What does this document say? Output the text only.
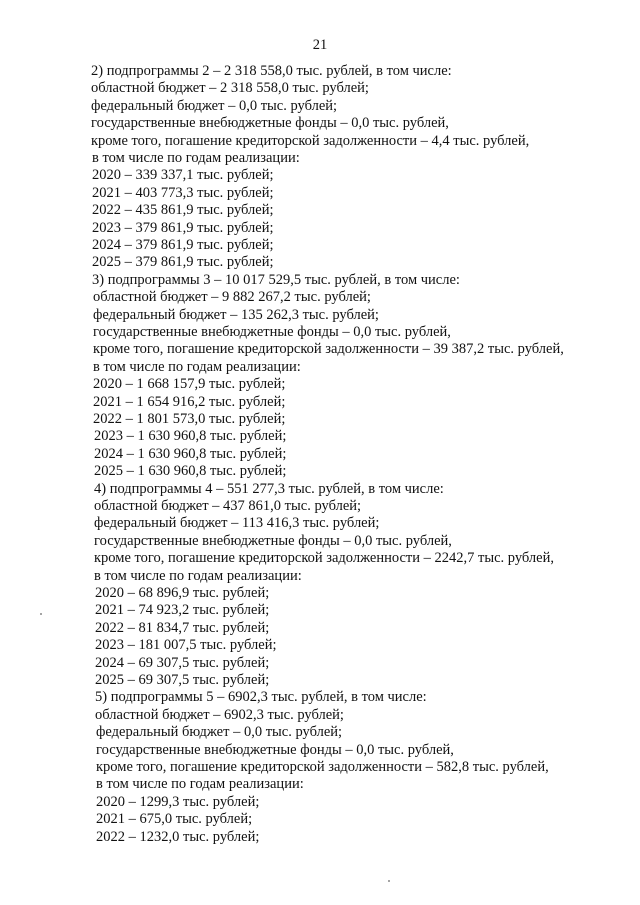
21
2) подпрограммы 2 – 2 318 558,0 тыс. рублей, в том числе:
областной бюджет – 2 318 558,0 тыс. рублей;
федеральный бюджет – 0,0 тыс. рублей;
государственные внебюджетные фонды – 0,0 тыс. рублей,
кроме того, погашение кредиторской задолженности – 4,4 тыс. рублей,
в том числе по годам реализации:
2020 – 339 337,1 тыс. рублей;
2021 – 403 773,3 тыс. рублей;
2022 – 435 861,9 тыс. рублей;
2023 – 379 861,9 тыс. рублей;
2024 – 379 861,9 тыс. рублей;
2025 – 379 861,9 тыс. рублей;
3) подпрограммы 3 – 10 017 529,5 тыс. рублей, в том числе:
областной бюджет – 9 882 267,2 тыс. рублей;
федеральный бюджет – 135 262,3 тыс. рублей;
государственные внебюджетные фонды – 0,0 тыс. рублей,
кроме того, погашение кредиторской задолженности – 39 387,2 тыс. рублей,
в том числе по годам реализации:
2020 – 1 668 157,9 тыс. рублей;
2021 – 1 654 916,2 тыс. рублей;
2022 – 1 801 573,0 тыс. рублей;
2023 – 1 630 960,8 тыс. рублей;
2024 – 1 630 960,8 тыс. рублей;
2025 – 1 630 960,8 тыс. рублей;
4) подпрограммы 4 – 551 277,3 тыс. рублей, в том числе:
областной бюджет – 437 861,0 тыс. рублей;
федеральный бюджет – 113 416,3 тыс. рублей;
государственные внебюджетные фонды – 0,0 тыс. рублей,
кроме того, погашение кредиторской задолженности – 2242,7 тыс. рублей,
в том числе по годам реализации:
2020 – 68 896,9 тыс. рублей;
2021 – 74 923,2 тыс. рублей;
2022 – 81 834,7 тыс. рублей;
2023 – 181 007,5 тыс. рублей;
2024 – 69 307,5 тыс. рублей;
2025 – 69 307,5 тыс. рублей;
5) подпрограммы 5 – 6902,3 тыс. рублей, в том числе:
областной бюджет – 6902,3 тыс. рублей;
федеральный бюджет – 0,0 тыс. рублей;
государственные внебюджетные фонды – 0,0 тыс. рублей,
кроме того, погашение кредиторской задолженности – 582,8 тыс. рублей,
в том числе по годам реализации:
2020 – 1299,3 тыс. рублей;
2021 – 675,0 тыс. рублей;
2022 – 1232,0 тыс. рублей;
